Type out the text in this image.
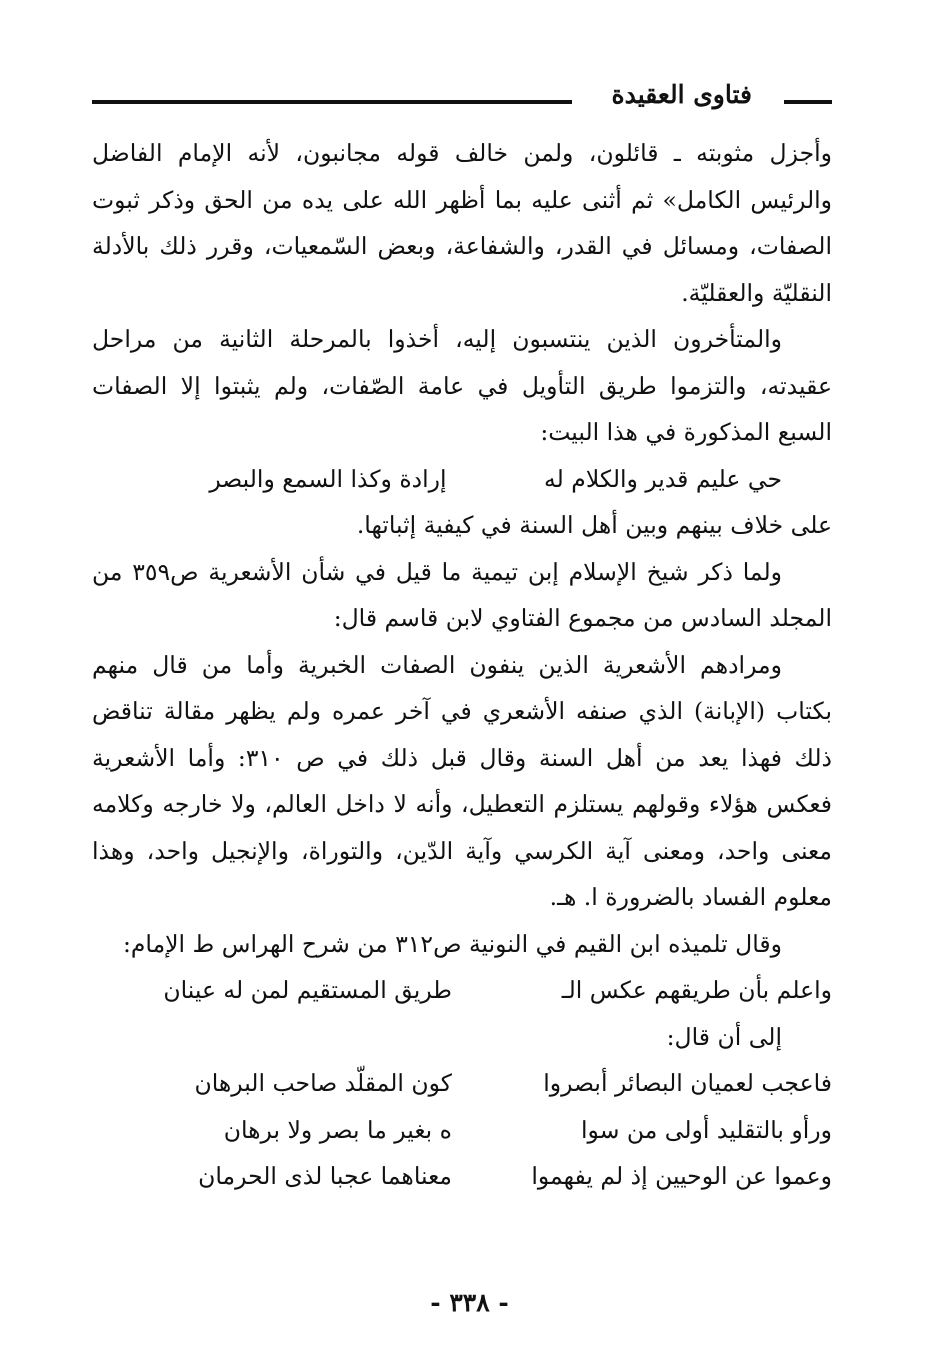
فتاوى العقيدة

وأجزل مثوبته ـ قائلون، ولمن خالف قوله مجانبون، لأنه الإمام الفاضل والرئيس الكامل» ثم أثنى عليه بما أظهر الله على يده من الحق وذكر ثبوت الصفات، ومسائل في القدر، والشفاعة، وبعض السّمعيات، وقرر ذلك بالأدلة النقليّة والعقليّة.

والمتأخرون الذين ينتسبون إليه، أخذوا بالمرحلة الثانية من مراحل عقيدته، والتزموا طريق التأويل في عامة الصّفات، ولم يثبتوا إلا الصفات السبع المذكورة في هذا البيت:

حي عليم قدير والكلام له
إرادة وكذا السمع والبصر

على خلاف بينهم وبين أهل السنة في كيفية إثباتها.

ولما ذكر شيخ الإسلام إبن تيمية ما قيل في شأن الأشعرية ص٣٥٩ من المجلد السادس من مجموع الفتاوي لابن قاسم قال:

ومرادهم الأشعرية الذين ينفون الصفات الخبرية وأما من قال منهم بكتاب (الإبانة) الذي صنفه الأشعري في آخر عمره ولم يظهر مقالة تناقض ذلك فهذا يعد من أهل السنة وقال قبل ذلك في ص ٣١٠: وأما الأشعرية فعكس هؤلاء وقولهم يستلزم التعطيل، وأنه لا داخل العالم، ولا خارجه وكلامه معنى واحد، ومعنى آية الكرسي وآية الدّين، والتوراة، والإنجيل واحد، وهذا معلوم الفساد بالضرورة ا. هـ.

وقال تلميذه ابن القيم في النونية ص٣١٢ من شرح الهراس ط الإمام:

واعلم بأن طريقهم عكس الـ
طريق المستقيم لمن له عينان

إلى أن قال:

فاعجب لعميان البصائر أبصروا
كون المقلّد صاحب البرهان
ورأو بالتقليد أولى من سوا
ه بغير ما بصر ولا برهان
وعموا عن الوحيين إذ لم يفهموا
معناهما عجبا لذى الحرمان
- ٣٣٨ -
